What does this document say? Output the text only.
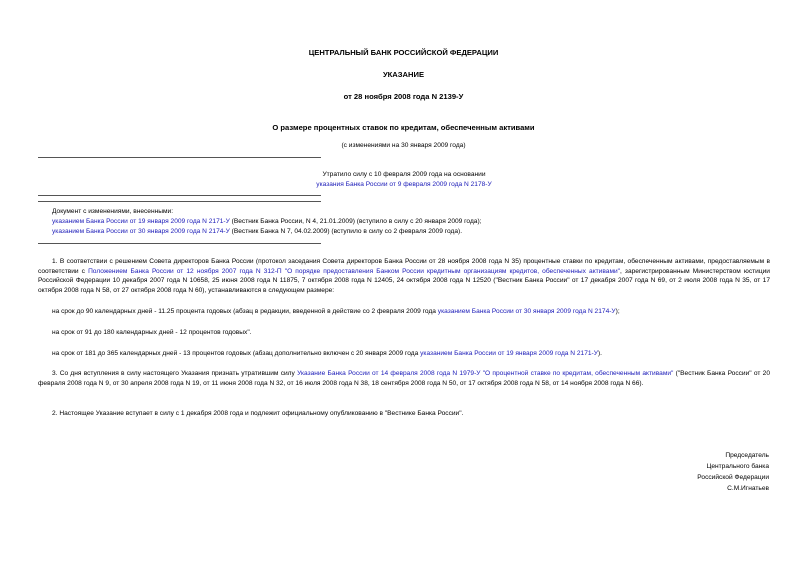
ЦЕНТРАЛЬНЫЙ БАНК РОССИЙСКОЙ ФЕДЕРАЦИИ
УКАЗАНИЕ
от 28 ноября 2008 года N 2139-У
О размере процентных ставок по кредитам, обеспеченным активами
(с изменениями на 30 января 2009 года)
Утратило силу с 10 февраля 2009 года на основании
указания Банка России от 9 февраля 2009 года N 2178-У
Документ с изменениями, внесенными:
указанием Банка России от 19 января 2009 года N 2171-У (Вестник Банка России, N 4, 21.01.2009) (вступило в силу с 20 января 2009 года);
указанием Банка России от 30 января 2009 года N 2174-У (Вестник Банка N 7, 04.02.2009) (вступило в силу со 2 февраля 2009 года).
1. В соответствии с решением Совета директоров Банка России (протокол заседания Совета директоров Банка России от 28 ноября 2008 года N 35) процентные ставки по кредитам, обеспеченным активами, предоставляемым в соответствии с Положением Банка России от 12 ноября 2007 года N 312-П "О порядке предоставления Банком России кредитным организациям кредитов, обеспеченных активами", зарегистрированным Министерством юстиции Российской Федерации 10 декабря 2007 года N 10658, 25 июня 2008 года N 11875, 7 октября 2008 года N 12405, 24 октября 2008 года N 12520 ("Вестник Банка России" от 17 декабря 2007 года N 69, от 2 июля 2008 года N 35, от 17 октября 2008 года N 58, от 27 октября 2008 года N 60), устанавливаются в следующем размере:
на срок до 90 календарных дней - 11.25 процента годовых (абзац в редакции, введенной в действие со 2 февраля 2009 года указанием Банка России от 30 января 2009 года N 2174-У);
на срок от 91 до 180 календарных дней - 12 процентов годовых".
на срок от 181 до 365 календарных дней - 13 процентов годовых (абзац дополнительно включен с 20 января 2009 года указанием Банка России от 19 января 2009 года N 2171-У).
3. Со дня вступления в силу настоящего Указания признать утратившим силу Указание Банка России от 14 февраля 2008 года N 1979-У "О процентной ставке по кредитам, обеспеченным активами" ("Вестник Банка России" от 20 февраля 2008 года N 9, от 30 апреля 2008 года N 19, от 11 июня 2008 года N 32, от 16 июля 2008 года N 38, 18 сентября 2008 года N 50, от 17 октября 2008 года N 58, от 14 ноября 2008 года N 66).
2. Настоящее Указание вступает в силу с 1 декабря 2008 года и подлежит официальному опубликованию в "Вестнике Банка России".
Председатель
Центрального банка
Российской Федерации
С.М.Игнатьев
